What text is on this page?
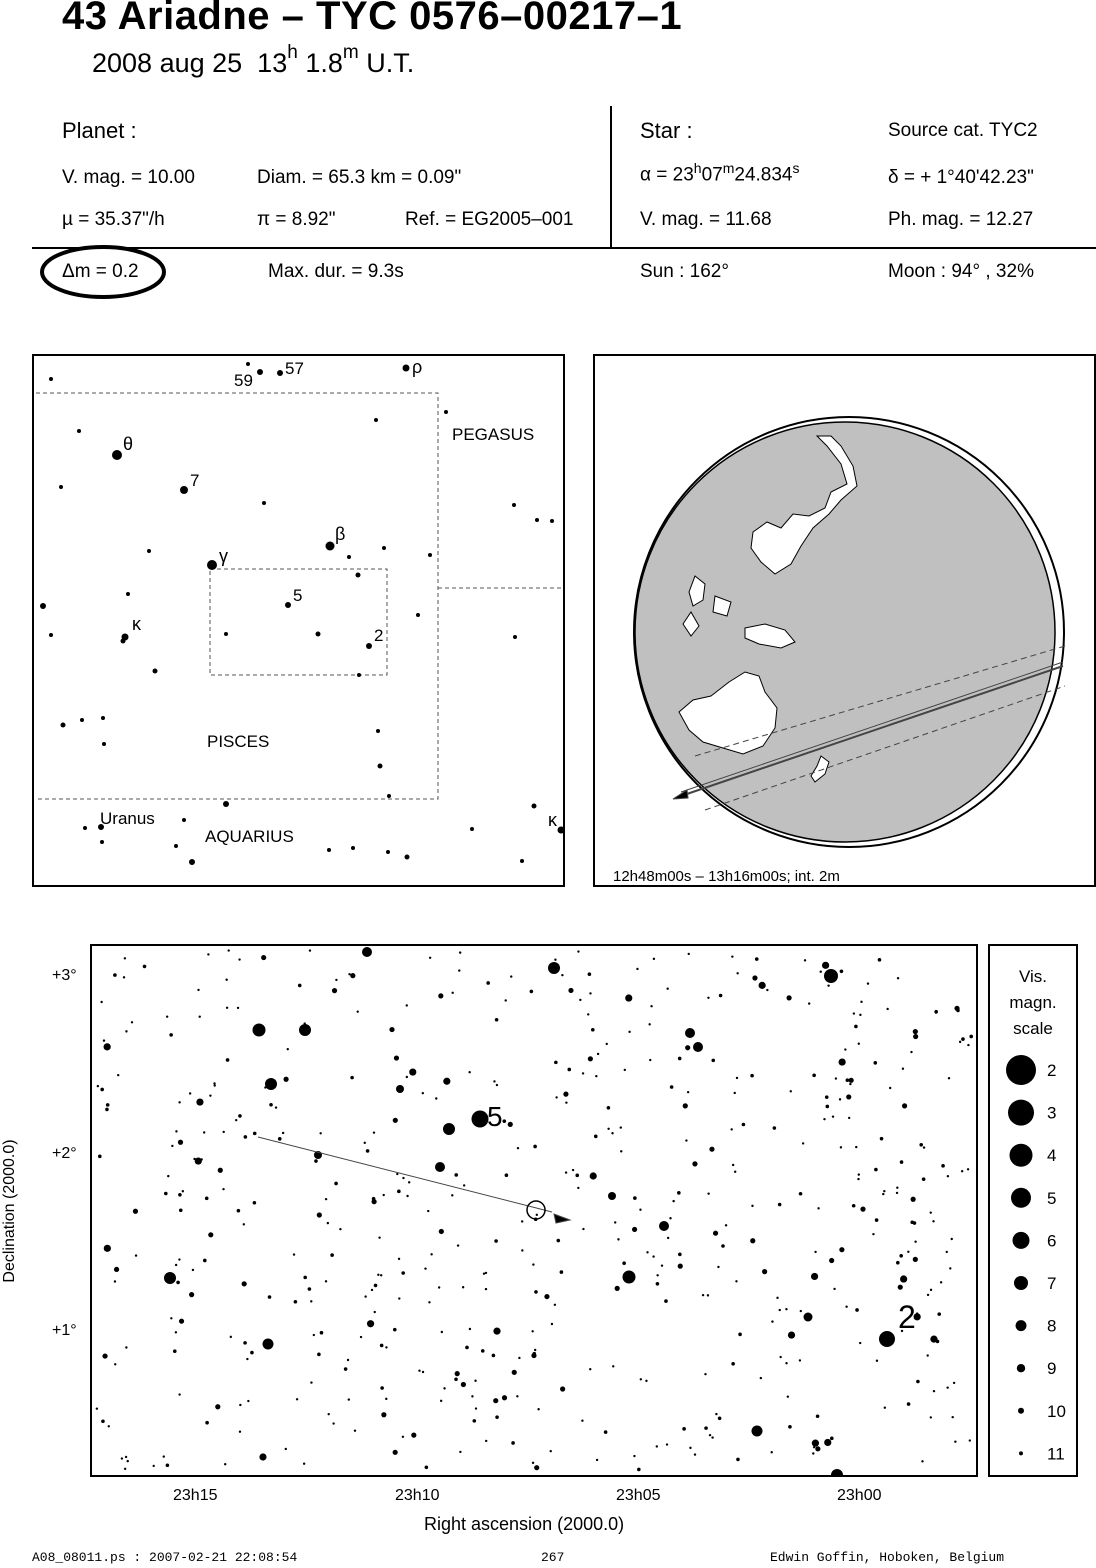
43 Ariadne – TYC 0576–00217–1
2008 aug 25 13$^h$ 1.8$^m$ U.T.
Planet :
V. mag. = 10.00	Diam. = 65.3 km = 0.09"
µ = 35.37"/h	π = 8.92"	Ref. = EG2005–001
Δm = 0.2	Max. dur. = 9.3s
Star :	Source cat. TYC2
$\alpha = 23^h07^m24.834^s$	δ = + 1°40'42.23"
V. mag. = 11.68	Ph. mag. = 12.27
Sun : 162°	Moon : 94° , 32%
59
57	ρ
θ
7
β
γ
5
κ
2
κ
PEGASUS
PISCES
AQUARIUS
Uranus
12h48m00s – 13h16m00s; int. 2m
5
2
23h15	23h10	23h05	23h00
+3°
+2°
+1°
Right ascension (2000.0)
Declination (2000.0)
Vis.
magn.
scale
2
3
4
5
6
7
8
9
10
11
A08_08011.ps : 2007-02-21 22:08:54	267	Edwin Goffin, Hoboken, Belgium
